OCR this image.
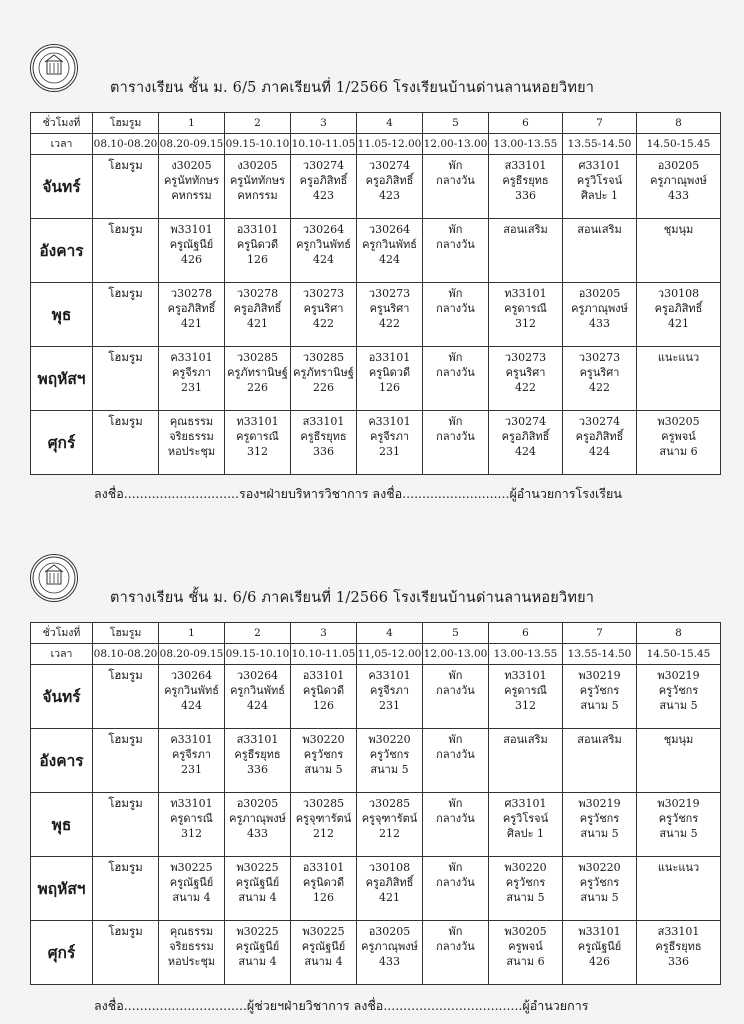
ตารางเรียน ชั้น ม. 6/5 ภาคเรียนที่ 1/2566 โรงเรียนบ้านด่านลานหอยวิทยา
ชั่วโมงที่	โฮมรูม	1	2	3	4	5	6	7	8
เวลา	08.10-08.20	08.20-09.15	09.15-10.10	10.10-11.05	11.05-12.00	12.00-13.00	13.00-13.55	13.55-14.50	14.50-15.45
จันทร์	โฮมรูม	ง30205
ครูนัททักษร
คหกรรม	ง30205
ครูนัททักษร
คหกรรม	ว30274
ครูอภิสิทธิ์
423	ว30274
ครูอภิสิทธิ์
423	พัก
กลางวัน	ส33101
ครูธีรยุทธ
336	ศ33101
ครูวิโรจน์
ศิลปะ 1	อ30205
ครูภาณุพงษ์
433

อังคาร	โฮมรูม	พ33101
ครูณัฐนีย์
426	อ33101
ครูนิดวดี
126	ว30264
ครูกวินพัทธ์
424	ว30264
ครูกวินพัทธ์
424	พัก
กลางวัน	สอนเสริม	สอนเสริม	ชุมนุม

พุธ	โฮมรูม	ว30278
ครูอภิสิทธิ์
421	ว30278
ครูอภิสิทธิ์
421	ว30273
ครูนริศา
422	ว30273
ครูนริศา
422	พัก
กลางวัน	ท33101
ครูดารณี
312	อ30205
ครูภาณุพงษ์
433	ว30108
ครูอภิสิทธิ์
421

พฤหัสฯ	โฮมรูม	ค33101
ครูจีรภา
231	ว30285
ครูภัทรานิษฐ์
226	ว30285
ครูภัทรานิษฐ์
226	อ33101
ครูนิดวดี
126	พัก
กลางวัน	ว30273
ครูนริศา
422	ว30273
ครูนริศา
422	แนะแนว

ศุกร์	โฮมรูม	คุณธรรม
จริยธรรม
หอประชุม	ท33101
ครูดารณี
312	ส33101
ครูธีรยุทธ
336	ค33101
ครูจีรภา
231	พัก
กลางวัน	ว30274
ครูอภิสิทธิ์
424	ว30274
ครูอภิสิทธิ์
424	พ30205
ครูพจน์
สนาม 6
ลงชื่อ.............................รองฯฝ่ายบริหารวิชาการ ลงชื่อ...........................ผู้อำนวยการโรงเรียน
ตารางเรียน ชั้น ม. 6/6 ภาคเรียนที่ 1/2566 โรงเรียนบ้านด่านลานหอยวิทยา
ชั่วโมงที่	โฮมรูม	1	2	3	4	5	6	7	8
เวลา	08.10-08.20	08.20-09.15	09.15-10.10	10.10-11.05	11,05-12.00	12.00-13.00	13.00-13.55	13.55-14.50	14.50-15.45
จันทร์	โฮมรูม	ว30264
ครูกวินพัทธ์
424	ว30264
ครูกวินพัทธ์
424	อ33101
ครูนิดวดี
126	ค33101
ครูจีรภา
231	พัก
กลางวัน	ท33101
ครูดารณี
312	พ30219
ครูวัชกร
สนาม 5	พ30219
ครูวัชกร
สนาม 5

อังคาร	โฮมรูม	ค33101
ครูจีรภา
231	ส33101
ครูธีรยุทธ
336	พ30220
ครูวัชกร
สนาม 5	พ30220
ครูวัชกร
สนาม 5	พัก
กลางวัน	สอนเสริม	สอนเสริม	ชุมนุม

พุธ	โฮมรูม	ท33101
ครูดารณี
312	อ30205
ครูภาณุพงษ์
433	ว30285
ครูจุฑารัตน์
212	ว30285
ครูจุฑารัตน์
212	พัก
กลางวัน	ศ33101
ครูวิโรจน์
ศิลปะ 1	พ30219
ครูวัชกร
สนาม 5	พ30219
ครูวัชกร
สนาม 5

พฤหัสฯ	โฮมรูม	พ30225
ครูณัฐนีย์
สนาม 4	พ30225
ครูณัฐนีย์
สนาม 4	อ33101
ครูนิดวดี
126	ว30108
ครูอภิสิทธิ์
421	พัก
กลางวัน	พ30220
ครูวัชกร
สนาม 5	พ30220
ครูวัชกร
สนาม 5	แนะแนว

ศุกร์	โฮมรูม	คุณธรรม
จริยธรรม
หอประชุม	พ30225
ครูณัฐนีย์
สนาม 4	พ30225
ครูณัฐนีย์
สนาม 4	อ30205
ครูภาณุพงษ์
433	พัก
กลางวัน	พ30205
ครูพจน์
สนาม 6	พ33101
ครูณัฐนีย์
426	ส33101
ครูธีรยุทธ
336
ลงชื่อ...............................ผู้ช่วยฯฝ่ายวิชาการ ลงชื่อ...................................ผู้อำนวยการ
